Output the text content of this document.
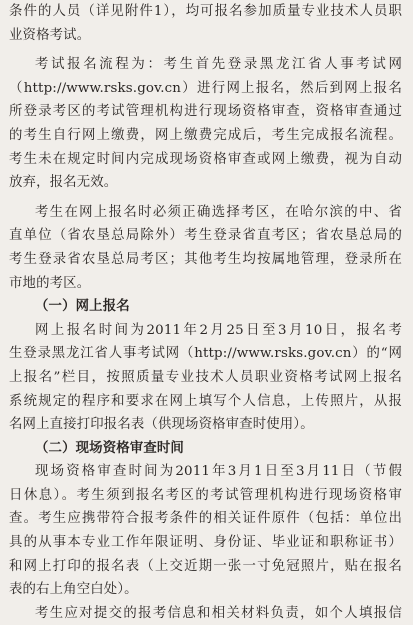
条件的人员（详见附件1），均可报名参加质量专业技术人员职
业资格考试。
考试报名流程为：考生首先登录黑龙江省人事考试网
（http://www.rsks.gov.cn）进行网上报名，然后到网上报名
所登录考区的考试管理机构进行现场资格审查，资格审查通过
的考生自行网上缴费，网上缴费完成后，考生完成报名流程。
考生未在规定时间内完成现场资格审查或网上缴费，视为自动
放弃，报名无效。
考生在网上报名时必须正确选择考区，在哈尔滨的中、省
直单位（省农垦总局除外）考生登录省直考区；省农垦总局的
考生登录省农垦总局考区；其他考生均按属地管理，登录所在
市地的考区。
（一）网上报名
网上报名时间为2011年2月25日至3月10日，报名考
生登录黑龙江省人事考试网（http://www.rsks.gov.cn）的“网
上报名”栏目，按照质量专业技术人员职业资格考试网上报名
系统规定的程序和要求在网上填写个人信息，上传照片，从报
名网上直接打印报名表（供现场资格审查时使用）。
（二）现场资格审查时间
现场资格审查时间为2011年3月1日至3月11日（节假
日休息）。考生须到报名考区的考试管理机构进行现场资格审
查。考生应携带符合报考条件的相关证件原件（包括：单位出
具的从事本专业工作年限证明、身份证、毕业证和职称证书）
和网上打印的报名表（上交近期一张一寸免冠照片，贴在报名
表的右上角空白处）。
考生应对提交的报考信息和相关材料负责，如个人填报信
